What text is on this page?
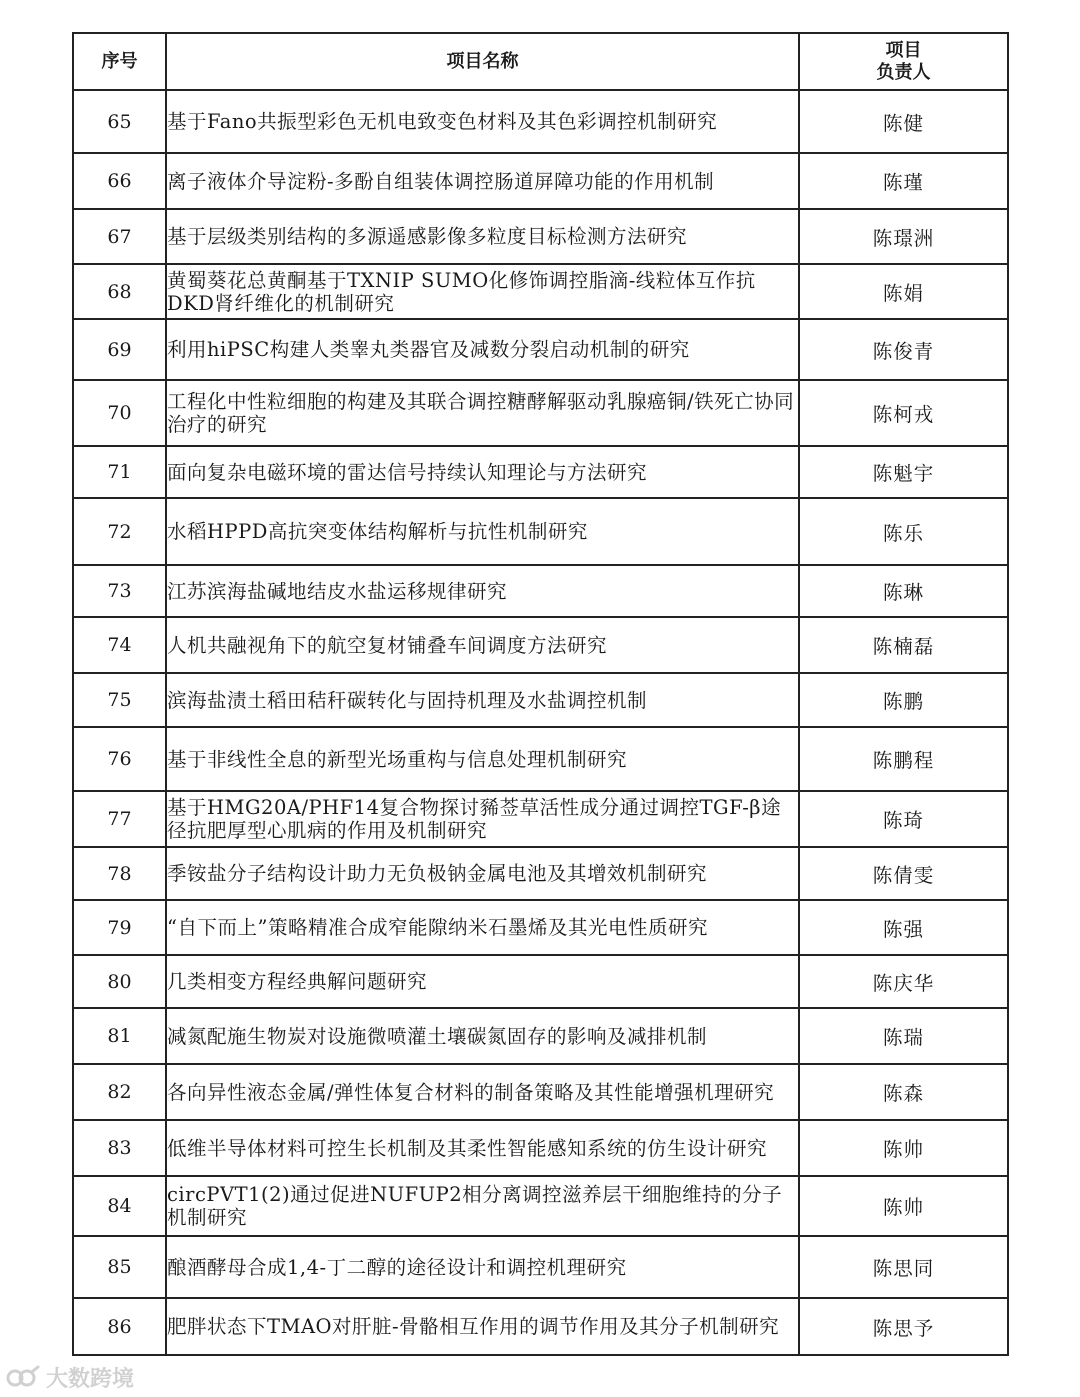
序号	项目名称	项目
负责人

65	基于Fano共振型彩色无机电致变色材料及其色彩调控机制研究	陈健
66	离子液体介导淀粉-多酚自组装体调控肠道屏障功能的作用机制	陈瑾
67	基于层级类别结构的多源遥感影像多粒度目标检测方法研究	陈璟洲
68	黄蜀葵花总黄酮基于TXNIP SUMO化修饰调控脂滴-线粒体互作抗DKD肾纤维化的机制研究	陈娟
69	利用hiPSC构建人类睾丸类器官及减数分裂启动机制的研究	陈俊青
70	工程化中性粒细胞的构建及其联合调控糖酵解驱动乳腺癌铜/铁死亡协同治疗的研究	陈柯戎
71	面向复杂电磁环境的雷达信号持续认知理论与方法研究	陈魁宇
72	水稻HPPD高抗突变体结构解析与抗性机制研究	陈乐
73	江苏滨海盐碱地结皮水盐运移规律研究	陈琳
74	人机共融视角下的航空复材铺叠车间调度方法研究	陈楠磊
75	滨海盐渍土稻田秸秆碳转化与固持机理及水盐调控机制	陈鹏
76	基于非线性全息的新型光场重构与信息处理机制研究	陈鹏程
77	基于HMG20A/PHF14复合物探讨豨莶草活性成分通过调控TGF-β途径抗肥厚型心肌病的作用及机制研究	陈琦
78	季铵盐分子结构设计助力无负极钠金属电池及其增效机制研究	陈倩雯
79	“自下而上”策略精准合成窄能隙纳米石墨烯及其光电性质研究	陈强
80	几类相变方程经典解问题研究	陈庆华
81	减氮配施生物炭对设施微喷灌土壤碳氮固存的影响及减排机制	陈瑞
82	各向异性液态金属/弹性体复合材料的制备策略及其性能增强机理研究	陈森
83	低维半导体材料可控生长机制及其柔性智能感知系统的仿生设计研究	陈帅
84	circPVT1(2)通过促进NUFUP2相分离调控滋养层干细胞维持的分子机制研究	陈帅
85	酿酒酵母合成1,4-丁二醇的途径设计和调控机理研究	陈思同
86	肥胖状态下TMAO对肝脏-骨骼相互作用的调节作用及其分子机制研究	陈思予
大数跨境
